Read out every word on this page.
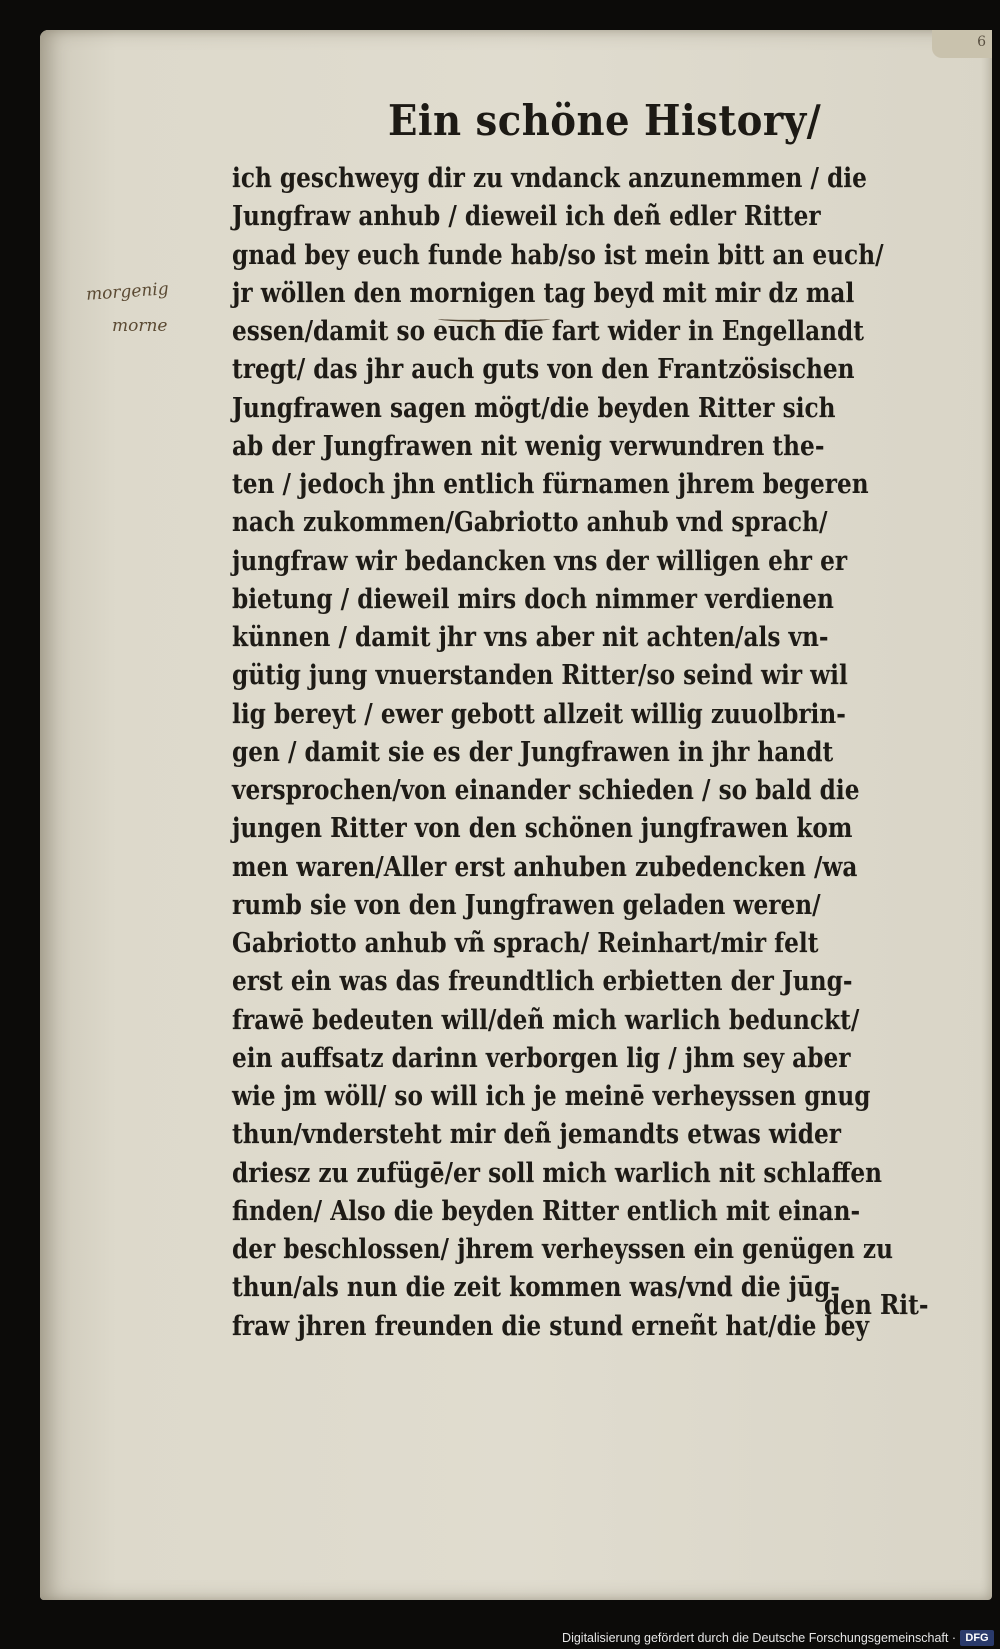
6
Ein schöne History/
morgenig
morne
ich geschweyg dir zu vndanck anzunemmen / die
Jungfraw anhub / dieweil ich deñ edler Ritter
gnad bey euch funde hab/so ist mein bitt an euch/
jr wöllen den mornigen tag beyd mit mir dz mal
essen/damit so euch die fart wider in Engellandt
tregt/ das jhr auch guts von den Frantzösischen
Jungfrawen sagen mögt/die beyden Ritter sich
ab der Jungfrawen nit wenig verwundren the-
ten / jedoch jhn entlich fürnamen jhrem begeren
nach zukommen/Gabriotto anhub vnd sprach/
jungfraw wir bedancken vns der willigen ehr er
bietung / dieweil mirs doch nimmer verdienen
künnen / damit jhr vns aber nit achten/als vn-
gütig jung vnuerstanden Ritter/so seind wir wil
lig bereyt / ewer gebott allzeit willig zuuolbrin-
gen / damit sie es der Jungfrawen in jhr handt
versprochen/von einander schieden / so bald die
jungen Ritter von den schönen jungfrawen kom
men waren/Aller erst anhuben zubedencken /wa
rumb sie von den Jungfrawen geladen weren/
Gabriotto anhub vñ sprach/ Reinhart/mir felt
erst ein was das freundtlich erbietten der Jung-
frawē bedeuten will/deñ mich warlich bedunckt/
ein auffsatz darinn verborgen lig / jhm sey aber
wie jm wöll/ so will ich je meinē verheyssen gnug
thun/vndersteht mir deñ jemandts etwas wider
driesz zu zufügē/er soll mich warlich nit schlaffen
finden/ Also die beyden Ritter entlich mit einan-
der beschlossen/ jhrem verheyssen ein genügen zu
thun/als nun die zeit kommen was/vnd die jūg-
fraw jhren freunden die stund erneñt hat/die bey
den Rit-
Digitalisierung gefördert durch die Deutsche Forschungsgemeinschaft · DFG
